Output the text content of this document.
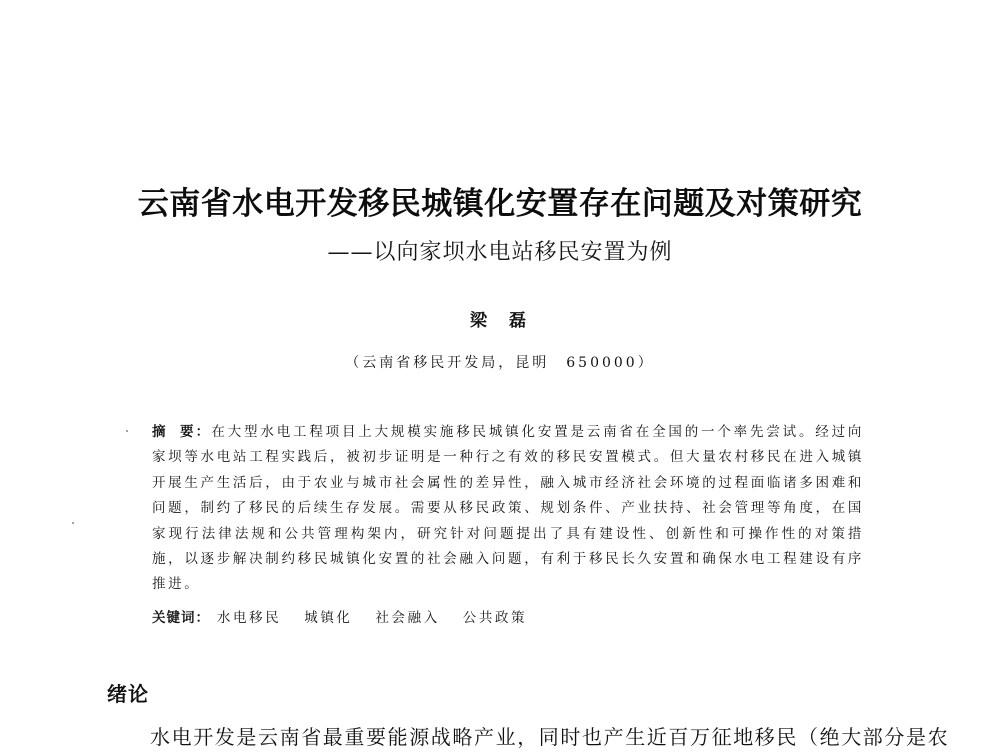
云南省水电开发移民城镇化安置存在问题及对策研究
——以向家坝水电站移民安置为例
梁磊
（云南省移民开发局，昆明　650000）
摘 要：在大型水电工程项目上大规模实施移民城镇化安置是云南省在全国的一个率先尝试。经过向家坝等水电站工程实践后，被初步证明是一种行之有效的移民安置模式。但大量农村移民在进入城镇开展生产生活后，由于农业与城市社会属性的差异性，融入城市经济社会环境的过程面临诸多困难和问题，制约了移民的后续生存发展。需要从移民政策、规划条件、产业扶持、社会管理等角度，在国家现行法律法规和公共管理构架内，研究针对问题提出了具有建设性、创新性和可操作性的对策措施，以逐步解决制约移民城镇化安置的社会融入问题，有利于移民长久安置和确保水电工程建设有序推进。
关键词： 水电移民 城镇化 社会融入 公共政策
绪论
水电开发是云南省最重要能源战略产业，同时也产生近百万征地移民（绝大部分是农
